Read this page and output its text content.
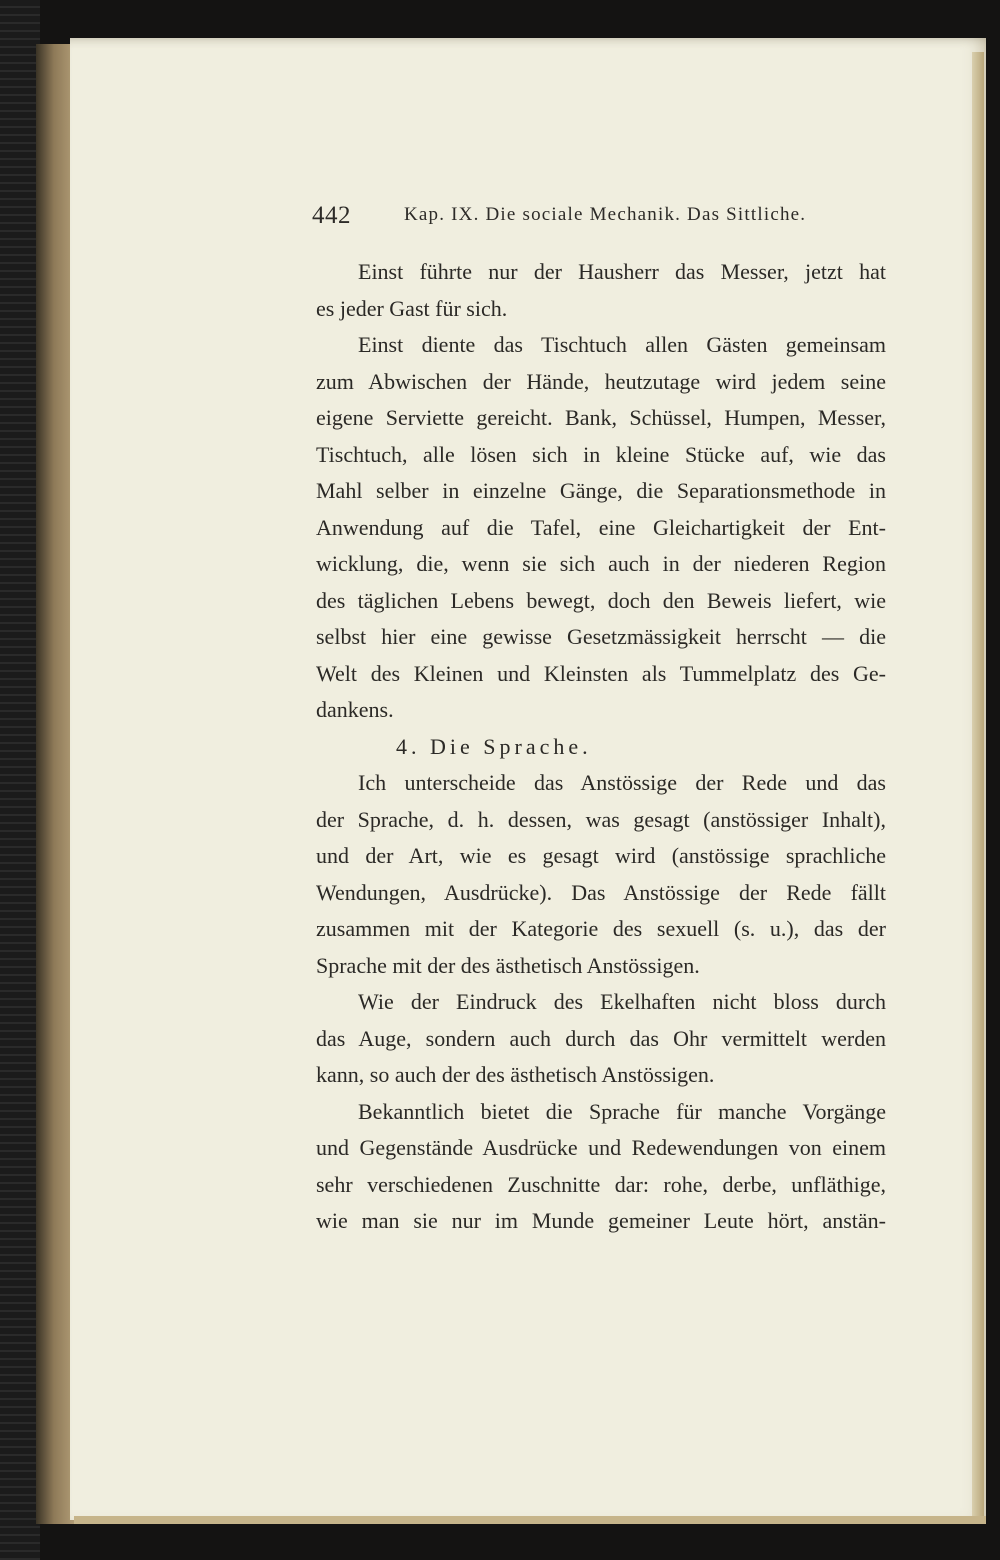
442	Kap. IX. Die sociale Mechanik. Das Sittliche.
Einst führte nur der Hausherr das Messer, jetzt hat
es jeder Gast für sich.
Einst diente das Tischtuch allen Gästen gemeinsam
zum Abwischen der Hände, heutzutage wird jedem seine
eigene Serviette gereicht. Bank, Schüssel, Humpen, Messer,
Tischtuch, alle lösen sich in kleine Stücke auf, wie das
Mahl selber in einzelne Gänge, die Separationsmethode in
Anwendung auf die Tafel, eine Gleichartigkeit der Ent-
wicklung, die, wenn sie sich auch in der niederen Region
des täglichen Lebens bewegt, doch den Beweis liefert, wie
selbst hier eine gewisse Gesetzmässigkeit herrscht — die
Welt des Kleinen und Kleinsten als Tummelplatz des Ge-
dankens.
4. Die Sprache.
Ich unterscheide das Anstössige der Rede und das
der Sprache, d. h. dessen, was gesagt (anstössiger Inhalt),
und der Art, wie es gesagt wird (anstössige sprachliche
Wendungen, Ausdrücke). Das Anstössige der Rede fällt
zusammen mit der Kategorie des sexuell (s. u.), das der
Sprache mit der des ästhetisch Anstössigen.
Wie der Eindruck des Ekelhaften nicht bloss durch
das Auge, sondern auch durch das Ohr vermittelt werden
kann, so auch der des ästhetisch Anstössigen.
Bekanntlich bietet die Sprache für manche Vorgänge
und Gegenstände Ausdrücke und Redewendungen von einem
sehr verschiedenen Zuschnitte dar: rohe, derbe, unfläthige,
wie man sie nur im Munde gemeiner Leute hört, anstän-
